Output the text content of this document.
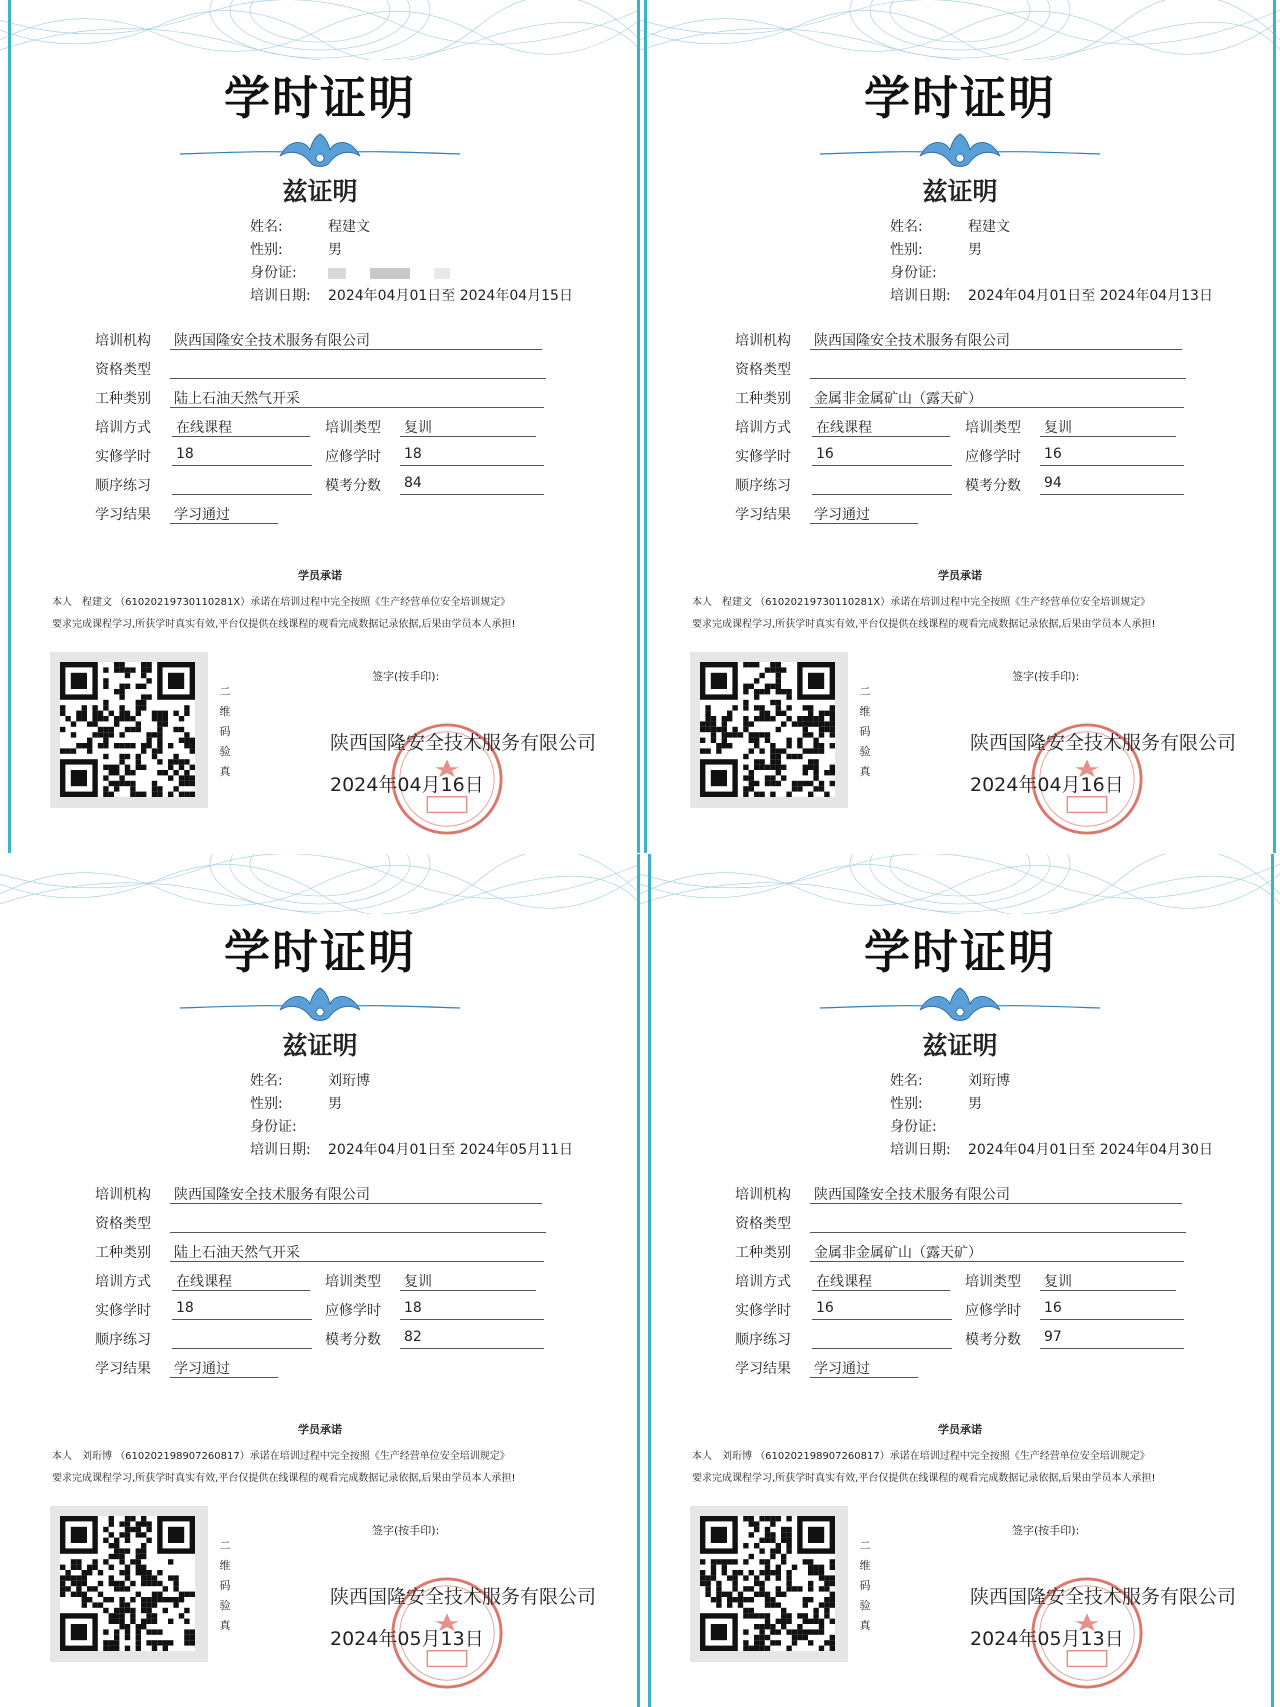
学时证明
兹证明
姓名:	程建文
性别:	男
身份证:
培训日期: 2024年04月01日至 2024年04月15日
培训机构 陕西国隆安全技术服务有限公司
资格类型
工种类别 陆上石油天然气开采
培训方式 在线课程	培训类型 复训
实修学时 18	应修学时 18
顺序练习	模考分数 84
学习结果 学习通过
学员承诺
本人　程建文 （61020219730110281X）承诺在培训过程中完全按照《生产经营单位安全培训规定》
要求完成课程学习,所获学时真实有效,平台仅提供在线课程的观看完成数据记录依据,后果由学员本人承担!
二
维
码
验
真
签字(按手印):
陕西国隆安全技术服务有限公司
2024年04月16日
学时证明
兹证明
姓名:	程建文
性别:	男
身份证:
培训日期: 2024年04月01日至 2024年04月13日
培训机构 陕西国隆安全技术服务有限公司
资格类型
工种类别 金属非金属矿山（露天矿）
培训方式 在线课程	培训类型 复训
实修学时 16	应修学时 16
顺序练习	模考分数 94
学习结果 学习通过
学员承诺
本人　程建文 （61020219730110281X）承诺在培训过程中完全按照《生产经营单位安全培训规定》
要求完成课程学习,所获学时真实有效,平台仅提供在线课程的观看完成数据记录依据,后果由学员本人承担!
二
维
码
验
真
签字(按手印):
陕西国隆安全技术服务有限公司
2024年04月16日
学时证明
兹证明
姓名:	刘珩博
性别:	男
身份证:
培训日期: 2024年04月01日至 2024年05月11日
培训机构 陕西国隆安全技术服务有限公司
资格类型
工种类别 陆上石油天然气开采
培训方式 在线课程	培训类型 复训
实修学时 18	应修学时 18
顺序练习	模考分数 82
学习结果 学习通过
学员承诺
本人　刘珩博 （610202198907260817）承诺在培训过程中完全按照《生产经营单位安全培训规定》
要求完成课程学习,所获学时真实有效,平台仅提供在线课程的观看完成数据记录依据,后果由学员本人承担!
二
维
码
验
真
签字(按手印):
陕西国隆安全技术服务有限公司
2024年05月13日
学时证明
兹证明
姓名:	刘珩博
性别:	男
身份证:
培训日期: 2024年04月01日至 2024年04月30日
培训机构 陕西国隆安全技术服务有限公司
资格类型
工种类别 金属非金属矿山（露天矿）
培训方式 在线课程	培训类型 复训
实修学时 16	应修学时 16
顺序练习	模考分数 97
学习结果 学习通过
学员承诺
本人　刘珩博 （610202198907260817）承诺在培训过程中完全按照《生产经营单位安全培训规定》
要求完成课程学习,所获学时真实有效,平台仅提供在线课程的观看完成数据记录依据,后果由学员本人承担!
二
维
码
验
真
签字(按手印):
陕西国隆安全技术服务有限公司
2024年05月13日
